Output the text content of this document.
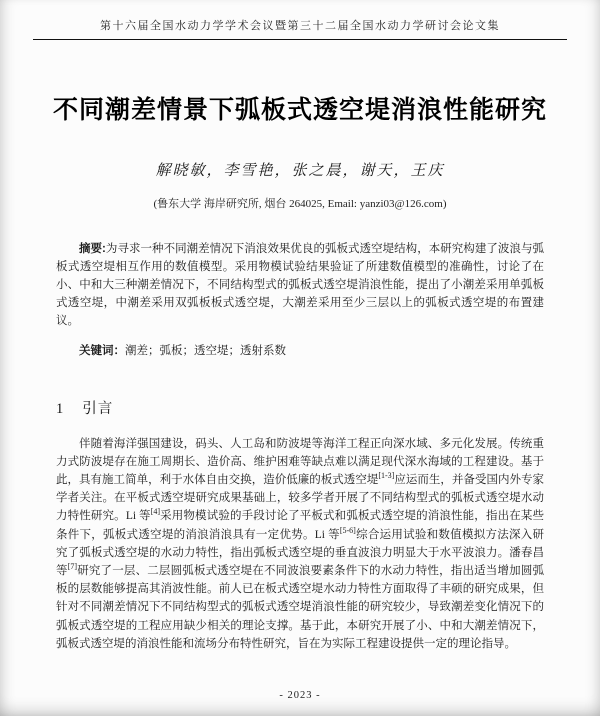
第十六届全国水动力学学术会议暨第三十二届全国水动力学研讨会论文集
不同潮差情景下弧板式透空堤消浪性能研究
解晓敏，李雪艳，张之晨，谢天，王庆
(鲁东大学 海岸研究所, 烟台 264025, Email: yanzi03@126.com)

摘要:为寻求一种不同潮差情况下消浪效果优良的弧板式透空堤结构，本研究构建了波浪与弧板式透空堤相互作用的数值模型。采用物模试验结果验证了所建数值模型的准确性，讨论了在小、中和大三种潮差情况下，不同结构型式的弧板式透空堤消浪性能，提出了小潮差采用单弧板式透空堤，中潮差采用双弧板板式透空堤，大潮差采用至少三层以上的弧板式透空堤的布置建议。

关键词：潮差；弧板；透空堤；透射系数

1 引言

伴随着海洋强国建设，码头、人工岛和防波堤等海洋工程正向深水域、多元化发展。传统重力式防波堤存在施工周期长、造价高、维护困难等缺点难以满足现代深水海域的工程建设。基于此，具有施工简单，利于水体自由交换，造价低廉的板式透空堤[1-3]应运而生，并备受国内外专家学者关注。在平板式透空堤研究成果基础上，较多学者开展了不同结构型式的弧板式透空堤水动力特性研究。Li 等[4]采用物模试验的手段讨论了平板式和弧板式透空堤的消浪性能，指出在某些条件下，弧板式透空堤的消浪消浪具有一定优势。Li 等[5-6]综合运用试验和数值模拟方法深入研究了弧板式透空堤的水动力特性，指出弧板式透空堤的垂直波浪力明显大于水平波浪力。潘春昌等[7]研究了一层、二层圆弧板式透空堤在不同波浪要素条件下的水动力特性，指出适当增加圆弧板的层数能够提高其消波性能。前人已在板式透空堤水动力特性方面取得了丰硕的研究成果，但针对不同潮差情况下不同结构型式的弧板式透空堤消浪性能的研究较少，导致潮差变化情况下的弧板式透空堤的工程应用缺少相关的理论支撑。基于此，本研究开展了小、中和大潮差情况下，弧板式透空堤的消浪性能和流场分布特性研究，旨在为实际工程建设提供一定的理论指导。

- 2023 -
